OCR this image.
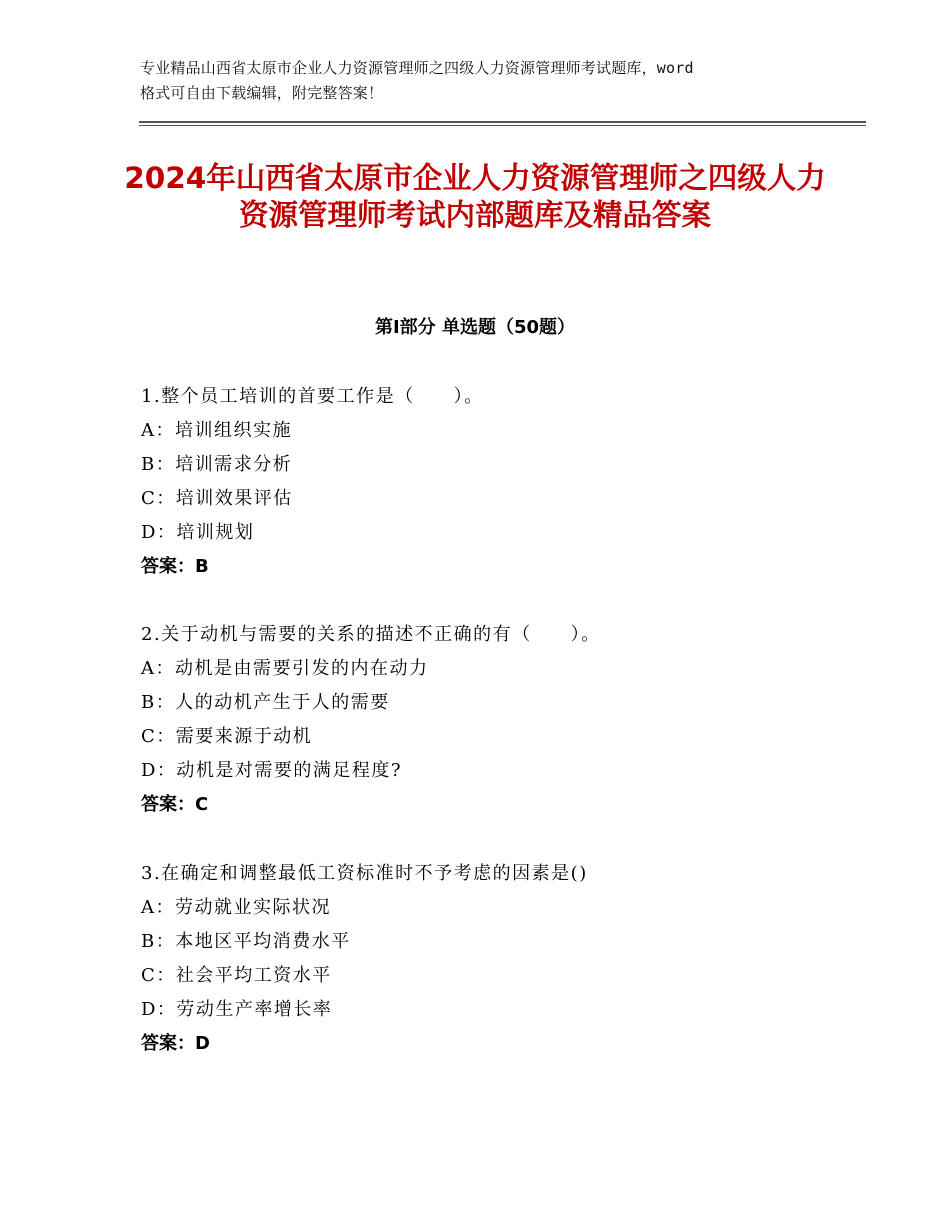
专业精品山西省太原市企业人力资源管理师之四级人力资源管理师考试题库，word
格式可自由下载编辑，附完整答案！
2024年山西省太原市企业人力资源管理师之四级人力资源管理师考试内部题库及精品答案
第Ⅰ部分 单选题（50题）
1.整个员工培训的首要工作是（　　）。
A：培训组织实施
B：培训需求分析
C：培训效果评估
D：培训规划
答案：B
2.关于动机与需要的关系的描述不正确的有（　　）。
A：动机是由需要引发的内在动力
B：人的动机产生于人的需要
C：需要来源于动机
D：动机是对需要的满足程度?
答案：C
3.在确定和调整最低工资标准时不予考虑的因素是()
A：劳动就业实际状况
B：本地区平均消费水平
C：社会平均工资水平
D：劳动生产率增长率
答案：D
